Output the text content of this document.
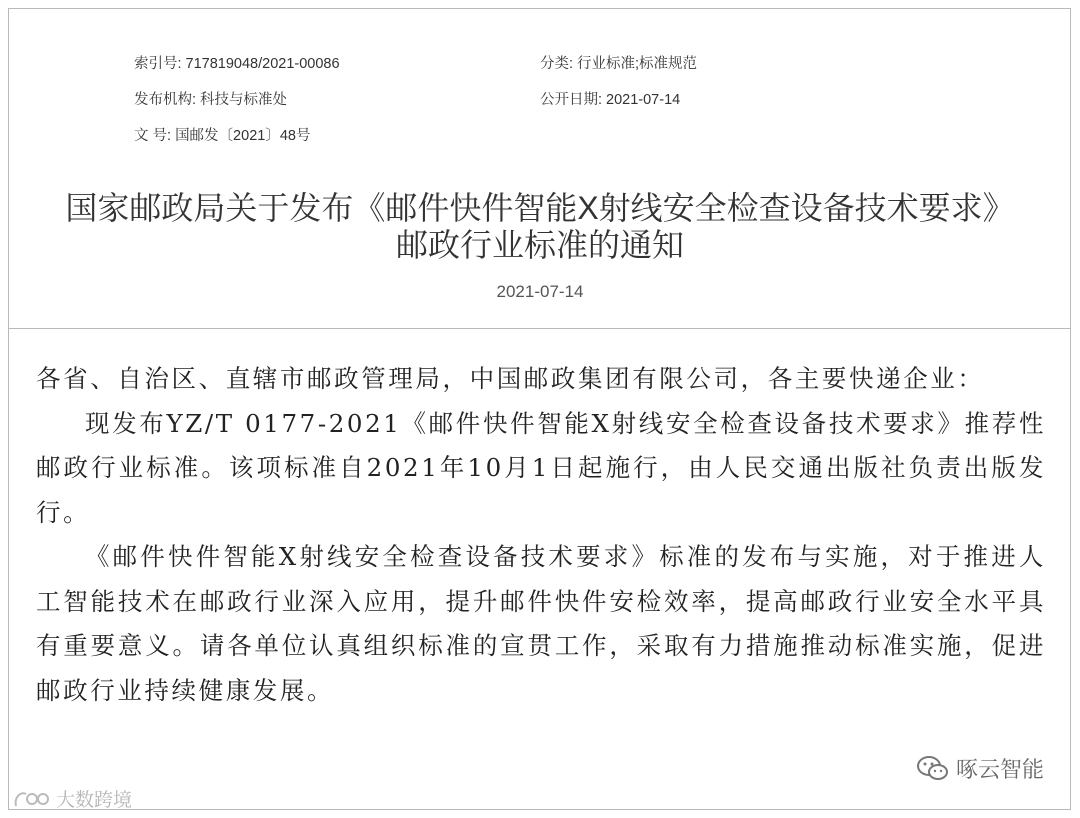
索引号: 717819048/2021-00086	分类: 行业标准;标准规范
发布机构: 科技与标准处	公开日期: 2021-07-14
文 号: 国邮发〔2021〕48号
国家邮政局关于发布《邮件快件智能X射线安全检查设备技术要求》
邮政行业标准的通知
2021-07-14

各省、自治区、直辖市邮政管理局，中国邮政集团有限公司，各主要快递企业：

现发布YZ/T 0177-2021《邮件快件智能X射线安全检查设备技术要求》推荐性邮政行业标准。该项标准自2021年10月1日起施行，由人民交通出版社负责出版发行。

《邮件快件智能X射线安全检查设备技术要求》标准的发布与实施，对于推进人工智能技术在邮政行业深入应用，提升邮件快件安检效率，提高邮政行业安全水平具有重要意义。请各单位认真组织标准的宣贯工作，采取有力措施推动标准实施，促进邮政行业持续健康发展。

大数跨境
啄云智能
